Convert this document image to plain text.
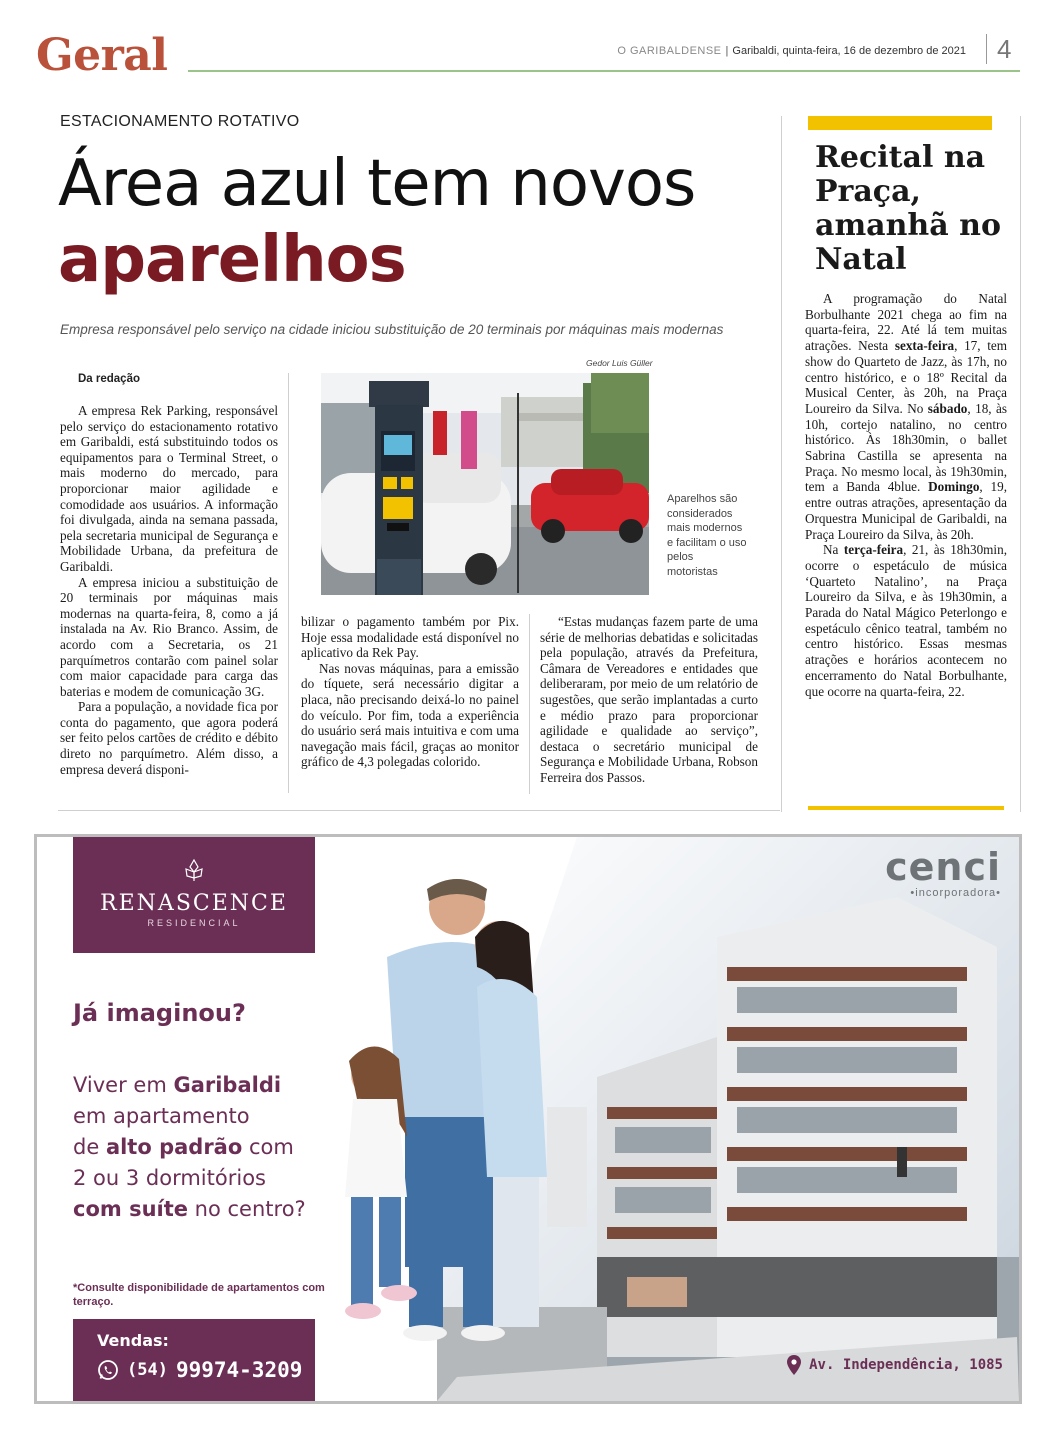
Geral	O GARIBALDENSE | Garibaldi, quinta-feira, 16 de dezembro de 2021	4
ESTACIONAMENTO ROTATIVO
Área azul tem novos
aparelhos
Empresa responsável pelo serviço na cidade iniciou substituição de 20 terminais por máquinas mais modernas
Da redação

A empresa Rek Parking, responsável pelo serviço do estacionamento rotativo em Garibaldi, está substituindo todos os equipamentos para o Terminal Street, o mais moderno do mercado, para proporcionar maior agilidade e comodidade aos usuários. A informação foi divulgada, ainda na semana passada, pela secretaria municipal de Segurança e Mobilidade Urbana, da prefeitura de Garibaldi.

A empresa iniciou a substituição de 20 terminais por máquinas mais modernas na quarta-feira, 8, como a já instalada na Av. Rio Branco. Assim, de acordo com a Secretaria, os 21 parquímetros contarão com painel solar com maior capacidade para carga das baterias e modem de comunicação 3G.

Para a população, a novidade fica por conta do pagamento, que agora poderá ser feito pelos cartões de crédito e débito direto no parquímetro. Além disso, a empresa deverá disponi-

Gedor Luis Güller
Aparelhos são considerados mais modernos e facilitam o uso pelos motoristas

bilizar o pagamento também por Pix. Hoje essa modalidade está disponível no aplicativo da Rek Pay.

Nas novas máquinas, para a emissão do tíquete, será necessário digitar a placa, não precisando deixá-lo no painel do veículo. Por fim, toda a experiência do usuário será mais intuitiva e com uma navegação mais fácil, graças ao monitor gráfico de 4,3 polegadas colorido.

“Estas mudanças fazem parte de uma série de melhorias debatidas e solicitadas pela população, através da Prefeitura, Câmara de Vereadores e entidades que deliberaram, por meio de um relatório de sugestões, que serão implantadas a curto e médio prazo para proporcionar agilidade e qualidade ao serviço”, destaca o secretário municipal de Segurança e Mobilidade Urbana, Robson Ferreira dos Passos.

Recital na Praça, amanhã no Natal

A programação do Natal Borbulhante 2021 chega ao fim na quarta-feira, 22. Até lá tem muitas atrações. Nesta sexta-feira, 17, tem show do Quarteto de Jazz, às 17h, no centro histórico, e o 18º Recital da Musical Center, às 20h, na Praça Loureiro da Silva. No sábado, 18, às 10h, cortejo natalino, no centro histórico. Às 18h30min, o ballet Sabrina Castilla se apresenta na Praça. No mesmo local, às 19h30min, tem a Banda 4blue. Domingo, 19, entre outras atrações, apresentação da Orquestra Municipal de Garibaldi, na Praça Loureiro da Silva, às 20h.

Na terça-feira, 21, às 18h30min, ocorre o espetáculo de música ‘Quarteto Natalino’, na Praça Loureiro da Silva, e às 19h30min, a Parada do Natal Mágico Peterlongo e espetáculo cênico teatral, também no centro histórico. Essas mesmas atrações e horários acontecem no encerramento do Natal Borbulhante, que ocorre na quarta-feira, 22.

RENASCENCE
RESIDENCIAL
Já imaginou?
Viver em Garibaldi
em apartamento
de alto padrão com
2 ou 3 dormitórios
com suíte no centro?
*Consulte disponibilidade de apartamentos com terraço.
Vendas:
(54) 99974-3209
cenci
•incorporadora•
Av. Independência, 1085
